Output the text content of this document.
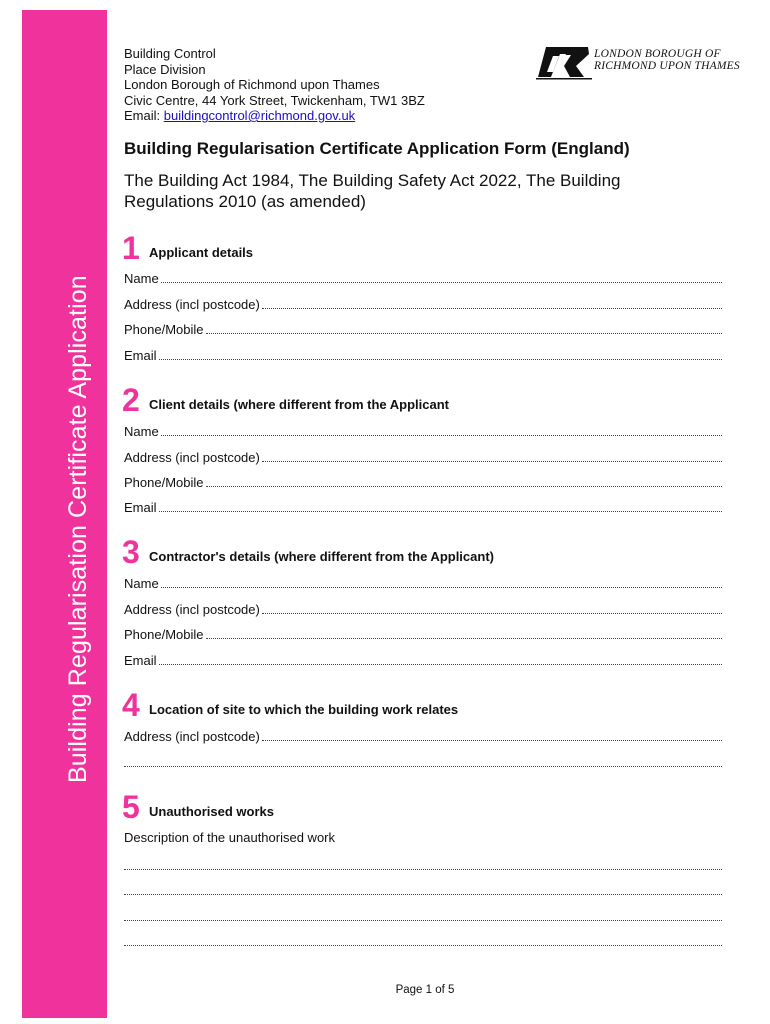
Building Regularisation Certificate Application
Building Control
Place Division
London Borough of Richmond upon Thames
Civic Centre, 44 York Street, Twickenham, TW1 3BZ
Email: buildingcontrol@richmond.gov.uk
LONDON BOROUGH OF
RICHMOND UPON THAMES
Building Regularisation Certificate Application Form (England)
The Building Act 1984, The Building Safety Act 2022, The Building Regulations 2010 (as amended)
1 Applicant details
Name
Address (incl postcode)
Phone/Mobile
Email
2 Client details (where different from the Applicant
Name
Address (incl postcode)
Phone/Mobile
Email
3 Contractor's details (where different from the Applicant)
Name
Address (incl postcode)
Phone/Mobile
Email
4 Location of site to which the building work relates
Address (incl postcode)
5 Unauthorised works
Description of the unauthorised work
Page 1 of 5
